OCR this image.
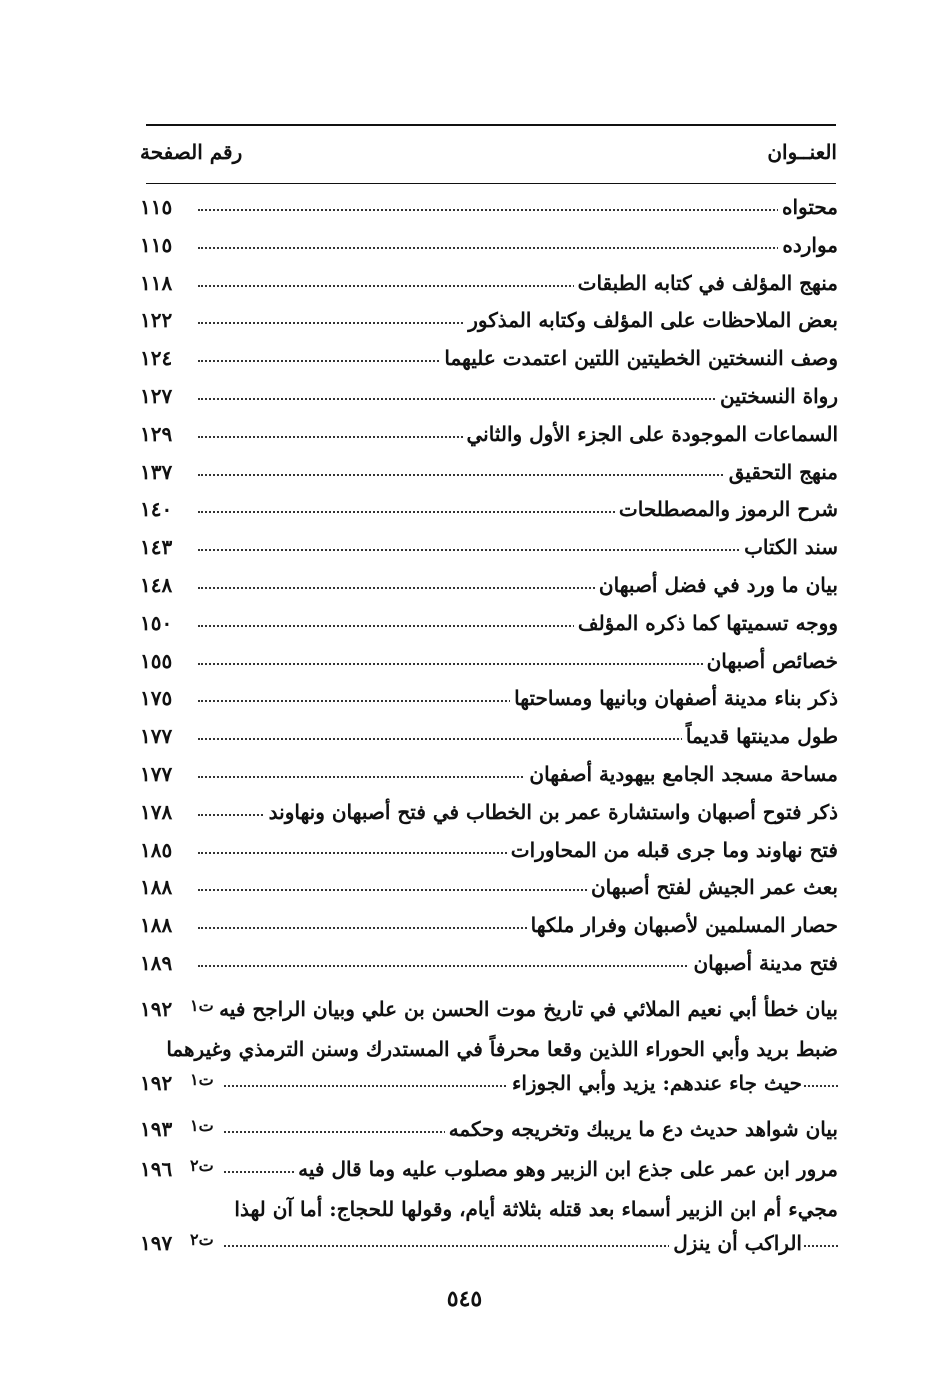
العنــوان
رقم الصفحة
محتواه
١١٥
موارده
١١٥
منهج المؤلف في كتابه الطبقات
١١٨
بعض الملاحظات على المؤلف وكتابه المذكور
١٢٢
وصف النسختين الخطيتين اللتين اعتمدت عليهما
١٢٤
رواة النسختين
١٢٧
السماعات الموجودة على الجزء الأول والثاني
١٢٩
منهج التحقيق
١٣٧
شرح الرموز والمصطلحات
١٤٠
سند الكتاب
١٤٣
بيان ما ورد في فضل أصبهان
١٤٨
ووجه تسميتها كما ذكره المؤلف
١٥٠
خصائص أصبهان
١٥٥
ذكر بناء مدينة أصفهان وبانيها ومساحتها
١٧٥
طول مدينتها قديماً
١٧٧
مساحة مسجد الجامع بيهودية أصفهان
١٧٧
ذكر فتوح أصبهان واستشارة عمر بن الخطاب في فتح أصبهان ونهاوند
١٧٨
فتح نهاوند وما جرى قبله من المحاورات
١٨٥
بعث عمر الجيش لفتح أصبهان
١٨٨
حصار المسلمين لأصبهان وفرار ملكها
١٨٨
فتح مدينة أصبهان
١٨٩
بيان خطأ أبي نعيم الملائي في تاريخ موت الحسن بن علي وبيان الراجح فيه
ت١
١٩٢
ضبط بريد وأبي الحوراء اللذين وقعا محرفاً في المستدرك وسنن الترمذي وغيرهما
حيث جاء عندهم: يزيد وأبي الجوزاء
ت١
١٩٢
بيان شواهد حديث دع ما يريبك وتخريجه وحكمه
ت١
١٩٣
مرور ابن عمر على جذع ابن الزبير وهو مصلوب عليه وما قال فيه
ت٢
١٩٦
مجيء أم ابن الزبير أسماء بعد قتله بثلاثة أيام، وقولها للحجاج: أما آن لهذا
الراكب أن ينزل
ت٢
١٩٧
٥٤٥
